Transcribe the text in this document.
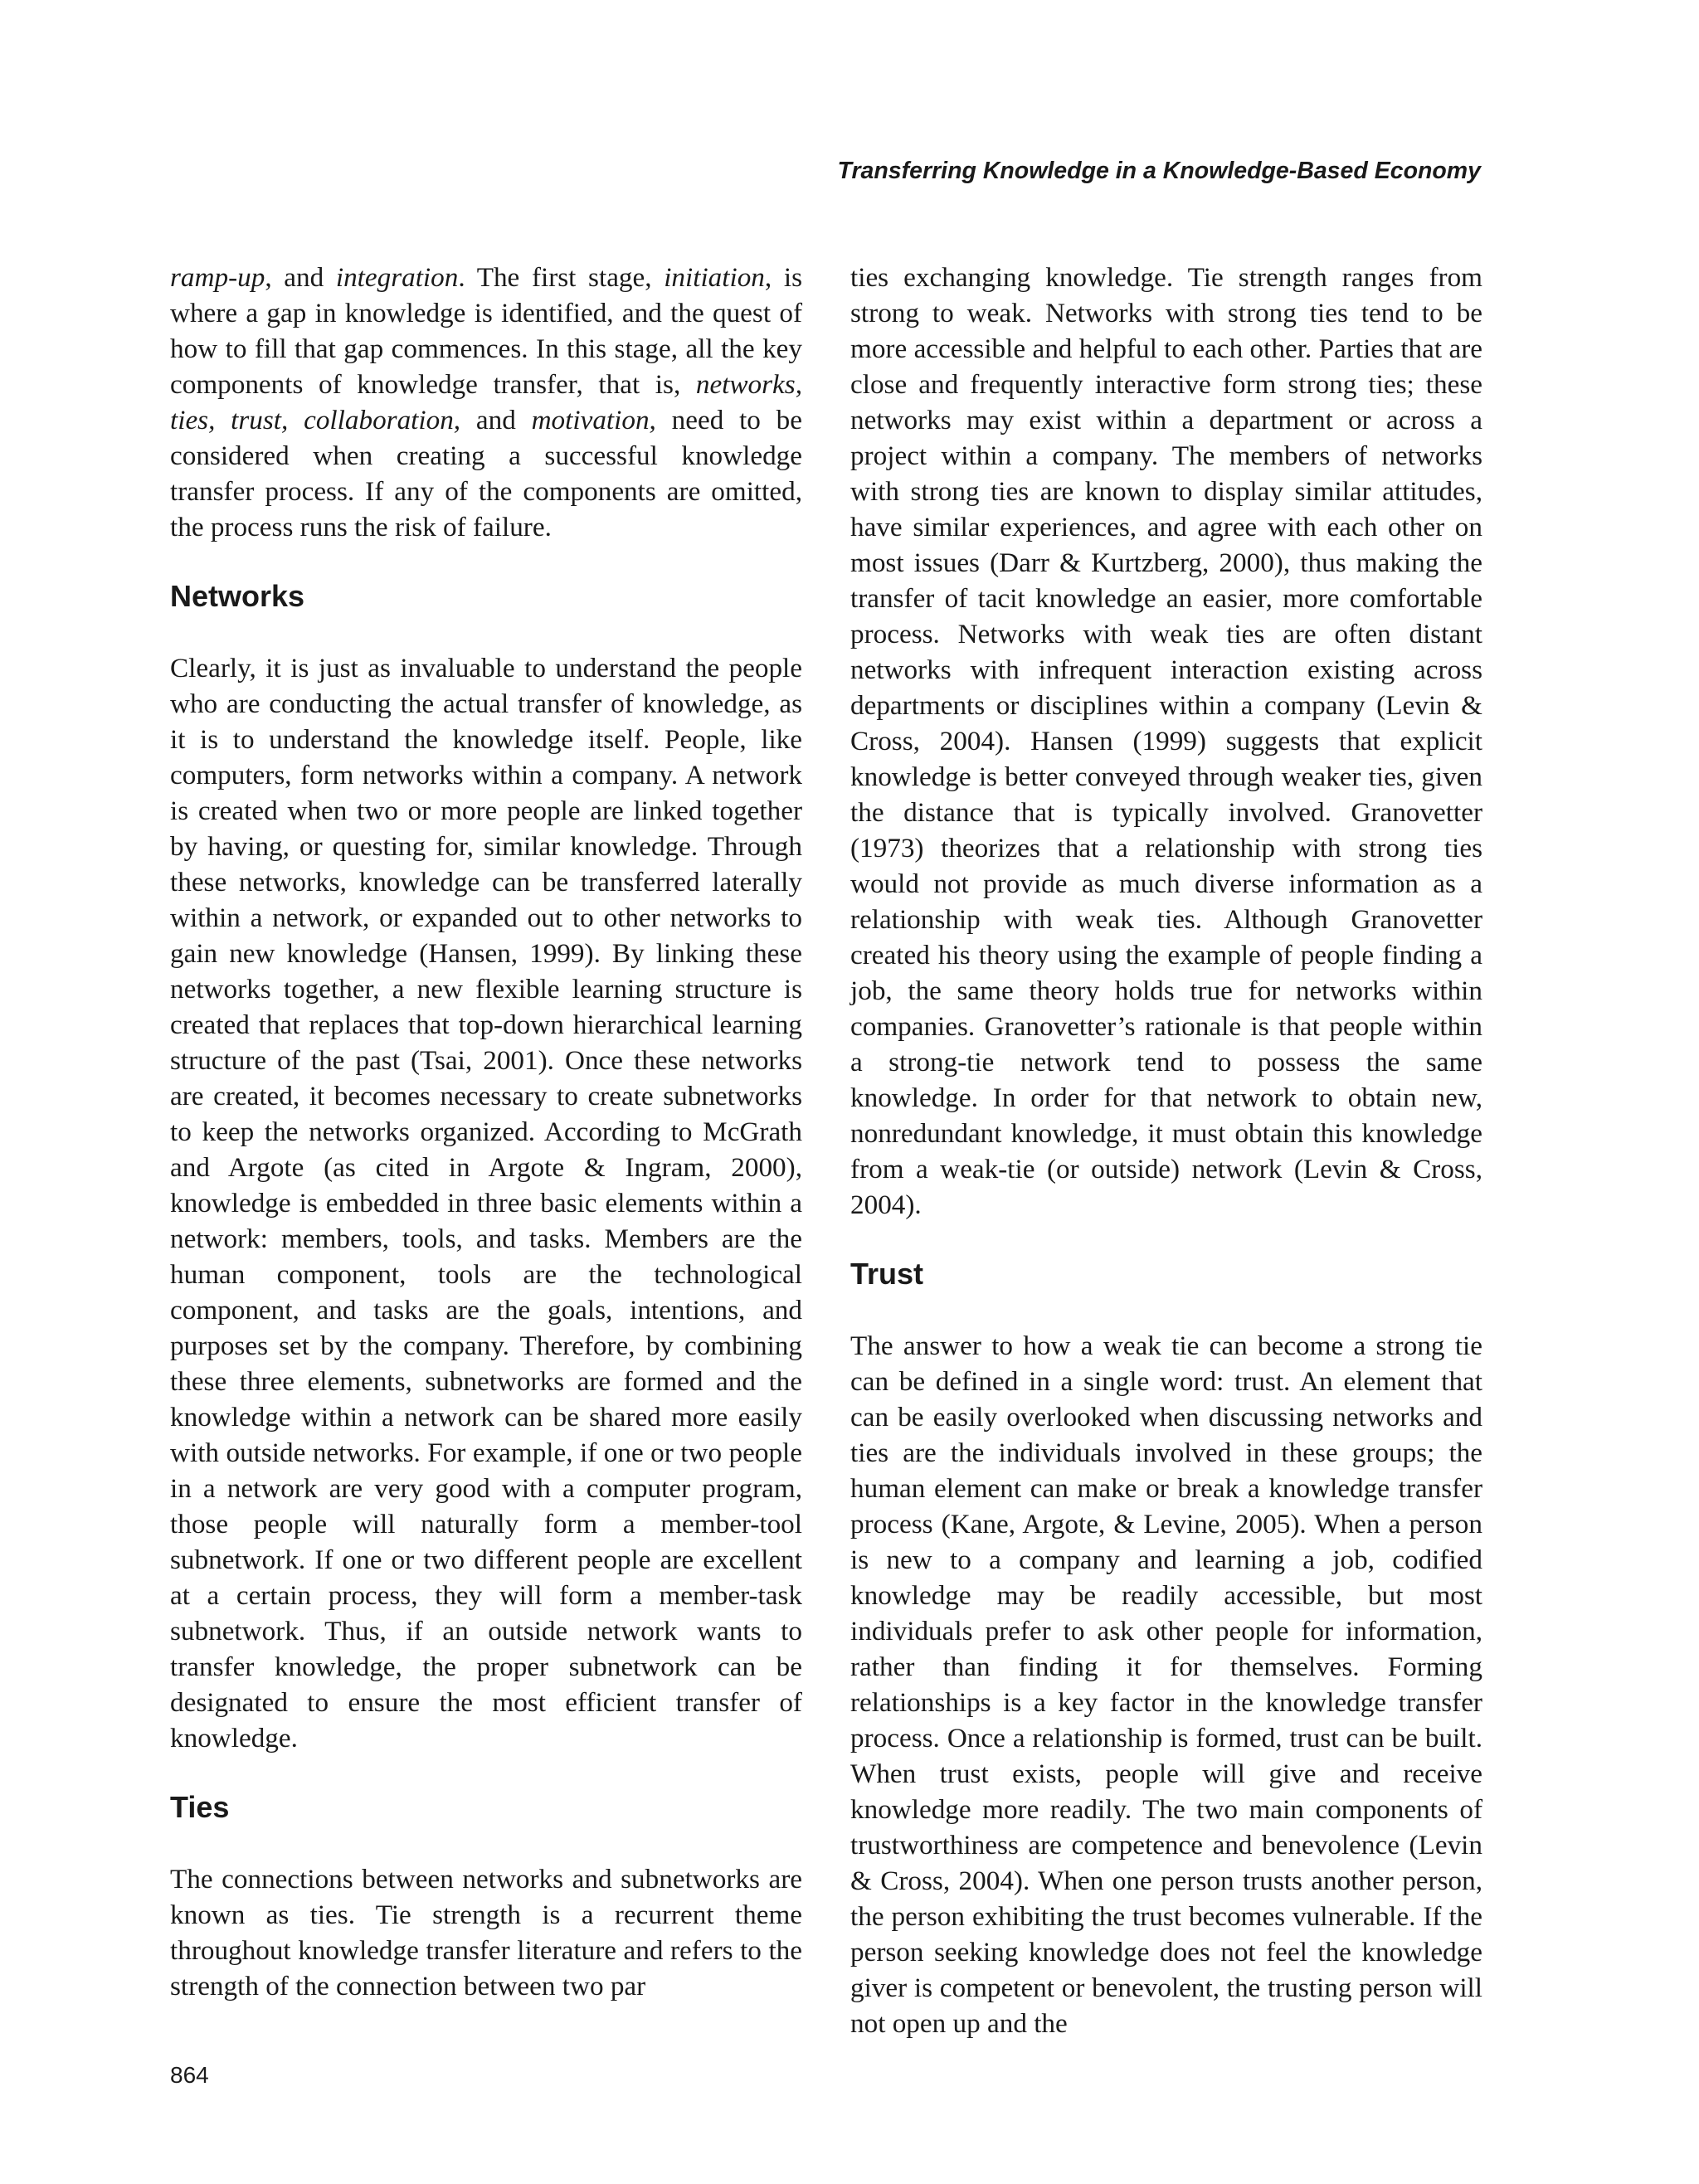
Transferring Knowledge in a Knowledge-Based Economy

ramp-up, and integration. The first stage, initiation, is where a gap in knowledge is identified, and the quest of how to fill that gap commences. In this stage, all the key components of knowledge transfer, that is, networks, ties, trust, collaboration, and motivation, need to be considered when creating a successful knowledge transfer process. If any of the components are omitted, the process runs the risk of failure.

Networks

Clearly, it is just as invaluable to understand the people who are conducting the actual transfer of knowledge, as it is to understand the knowledge itself. People, like computers, form networks within a company. A network is created when two or more people are linked together by having, or questing for, similar knowledge. Through these networks, knowledge can be transferred laterally within a network, or expanded out to other networks to gain new knowledge (Hansen, 1999). By linking these networks together, a new flexible learning structure is created that replaces that top-down hierarchical learning structure of the past (Tsai, 2001). Once these networks are created, it becomes necessary to create subnetworks to keep the networks organized. According to McGrath and Argote (as cited in Argote & Ingram, 2000), knowledge is embedded in three basic elements within a network: members, tools, and tasks. Members are the human component, tools are the technological component, and tasks are the goals, intentions, and purposes set by the company. Therefore, by combining these three elements, subnetworks are formed and the knowledge within a network can be shared more easily with outside networks. For example, if one or two people in a network are very good with a computer program, those people will naturally form a member-tool subnetwork. If one or two different people are excellent at a certain process, they will form a member-task subnetwork. Thus, if an outside network wants to transfer knowledge, the proper subnetwork can be designated to ensure the most efficient transfer of knowledge.

Ties

The connections between networks and subnetworks are known as ties. Tie strength is a recurrent theme throughout knowledge transfer literature and refers to the strength of the connection between two par

ties exchanging knowledge. Tie strength ranges from strong to weak. Networks with strong ties tend to be more accessible and helpful to each other. Parties that are close and frequently interactive form strong ties; these networks may exist within a department or across a project within a company. The members of networks with strong ties are known to display similar attitudes, have similar experiences, and agree with each other on most issues (Darr & Kurtzberg, 2000), thus making the transfer of tacit knowledge an easier, more comfortable process. Networks with weak ties are often distant networks with infrequent interaction existing across departments or disciplines within a company (Levin & Cross, 2004). Hansen (1999) suggests that explicit knowledge is better conveyed through weaker ties, given the distance that is typically involved. Granovetter (1973) theorizes that a relationship with strong ties would not provide as much diverse information as a relationship with weak ties. Although Granovetter created his theory using the example of people finding a job, the same theory holds true for networks within companies. Granovetter’s rationale is that people within a strong-tie network tend to possess the same knowledge. In order for that network to obtain new, nonredundant knowledge, it must obtain this knowledge from a weak-tie (or outside) network (Levin & Cross, 2004).

Trust

The answer to how a weak tie can become a strong tie can be defined in a single word: trust. An element that can be easily overlooked when discussing networks and ties are the individuals involved in these groups; the human element can make or break a knowledge transfer process (Kane, Argote, & Levine, 2005). When a person is new to a company and learning a job, codified knowledge may be readily accessible, but most individuals prefer to ask other people for information, rather than finding it for themselves. Forming relationships is a key factor in the knowledge transfer process. Once a relationship is formed, trust can be built. When trust exists, people will give and receive knowledge more readily. The two main components of trustworthiness are competence and benevolence (Levin & Cross, 2004). When one person trusts another person, the person exhibiting the trust becomes vulnerable. If the person seeking knowledge does not feel the knowledge giver is competent or benevolent, the trusting person will not open up and the

864
